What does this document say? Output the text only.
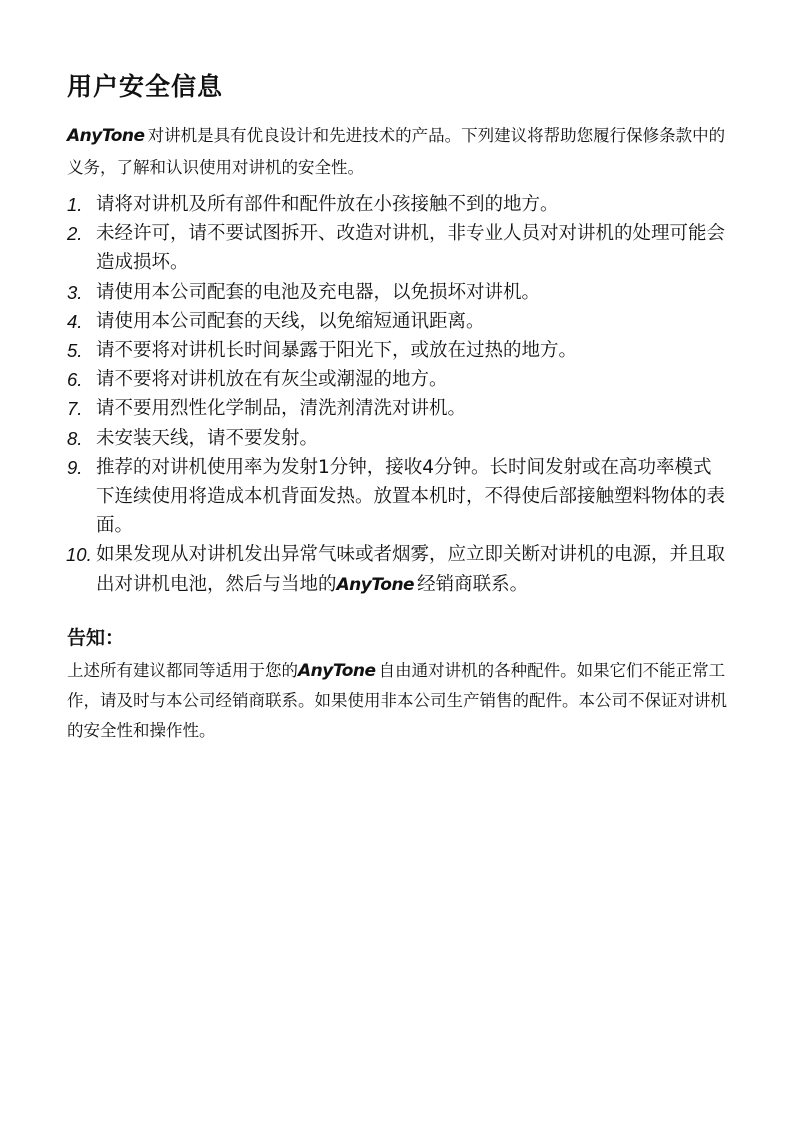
用户安全信息
AnyTone 对讲机是具有优良设计和先进技术的产品。下列建议将帮助您履行保修条款中的义务，了解和认识使用对讲机的安全性。
1. 请将对讲机及所有部件和配件放在小孩接触不到的地方。
2. 未经许可，请不要试图拆开、改造对讲机，非专业人员对对讲机的处理可能会造成损坏。
3. 请使用本公司配套的电池及充电器，以免损坏对讲机。
4. 请使用本公司配套的天线，以免缩短通讯距离。
5. 请不要将对讲机长时间暴露于阳光下，或放在过热的地方。
6. 请不要将对讲机放在有灰尘或潮湿的地方。
7. 请不要用烈性化学制品，清洗剂清洗对讲机。
8. 未安装天线，请不要发射。
9. 推荐的对讲机使用率为发射1分钟，接收4分钟。长时间发射或在高功率模式下连续使用将造成本机背面发热。放置本机时，不得使后部接触塑料物体的表面。
10. 如果发现从对讲机发出异常气味或者烟雾，应立即关断对讲机的电源，并且取出对讲机电池，然后与当地的AnyTone 经销商联系。
告知：
上述所有建议都同等适用于您的AnyTone 自由通对讲机的各种配件。如果它们不能正常工作，请及时与本公司经销商联系。如果使用非本公司生产销售的配件。本公司不保证对讲机的安全性和操作性。
